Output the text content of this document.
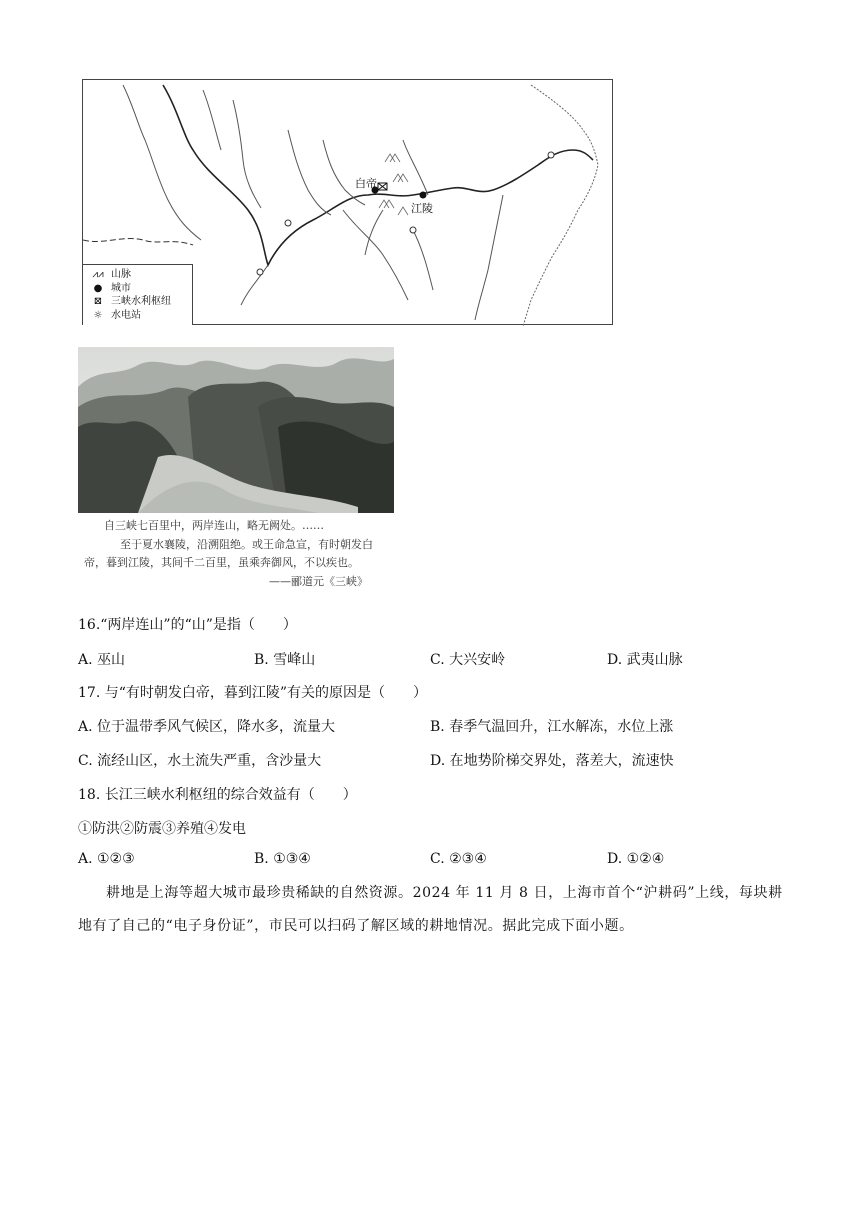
白帝
江陵
⩘⩘ 山脉
● 城市
⊠ 三峡水利枢纽
☼ 水电站
自三峡七百里中，两岸连山，略无阙处。……
至于夏水襄陵，沿溯阻绝。或王命急宣，有时朝发白
帝，暮到江陵，其间千二百里，虽乘奔御风，不以疾也。
——郦道元《三峡》
16.“两岸连山”的“山”是指（　　）
A. 巫山	B. 雪峰山	C. 大兴安岭	D. 武夷山脉
17. 与“有时朝发白帝，暮到江陵”有关的原因是（　　）
A. 位于温带季风气候区，降水多，流量大	B. 春季气温回升，江水解冻，水位上涨
C. 流经山区，水土流失严重，含沙量大	D. 在地势阶梯交界处，落差大，流速快
18. 长江三峡水利枢纽的综合效益有（　　）
①防洪②防震③养殖④发电
A. ①②③	B. ①③④	C. ②③④	D. ①②④
耕地是上海等超大城市最珍贵稀缺的自然资源。2024 年 11 月 8 日，上海市首个“沪耕码”上线，每块耕地有了自己的“电子身份证”，市民可以扫码了解区域的耕地情况。据此完成下面小题。
